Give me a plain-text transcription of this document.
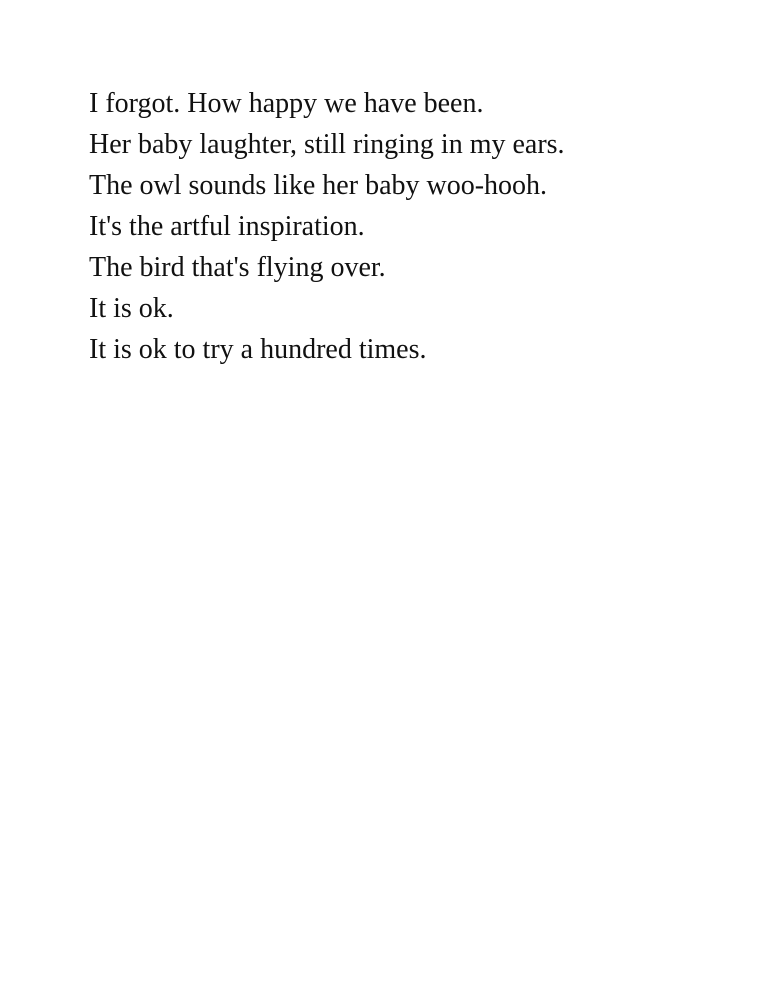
I forgot. How happy we have been.
Her baby laughter, still ringing in my ears.
The owl sounds like her baby woo-hooh.
It's the artful inspiration.
The bird that's flying over.
It is ok.
It is ok to try a hundred times.
